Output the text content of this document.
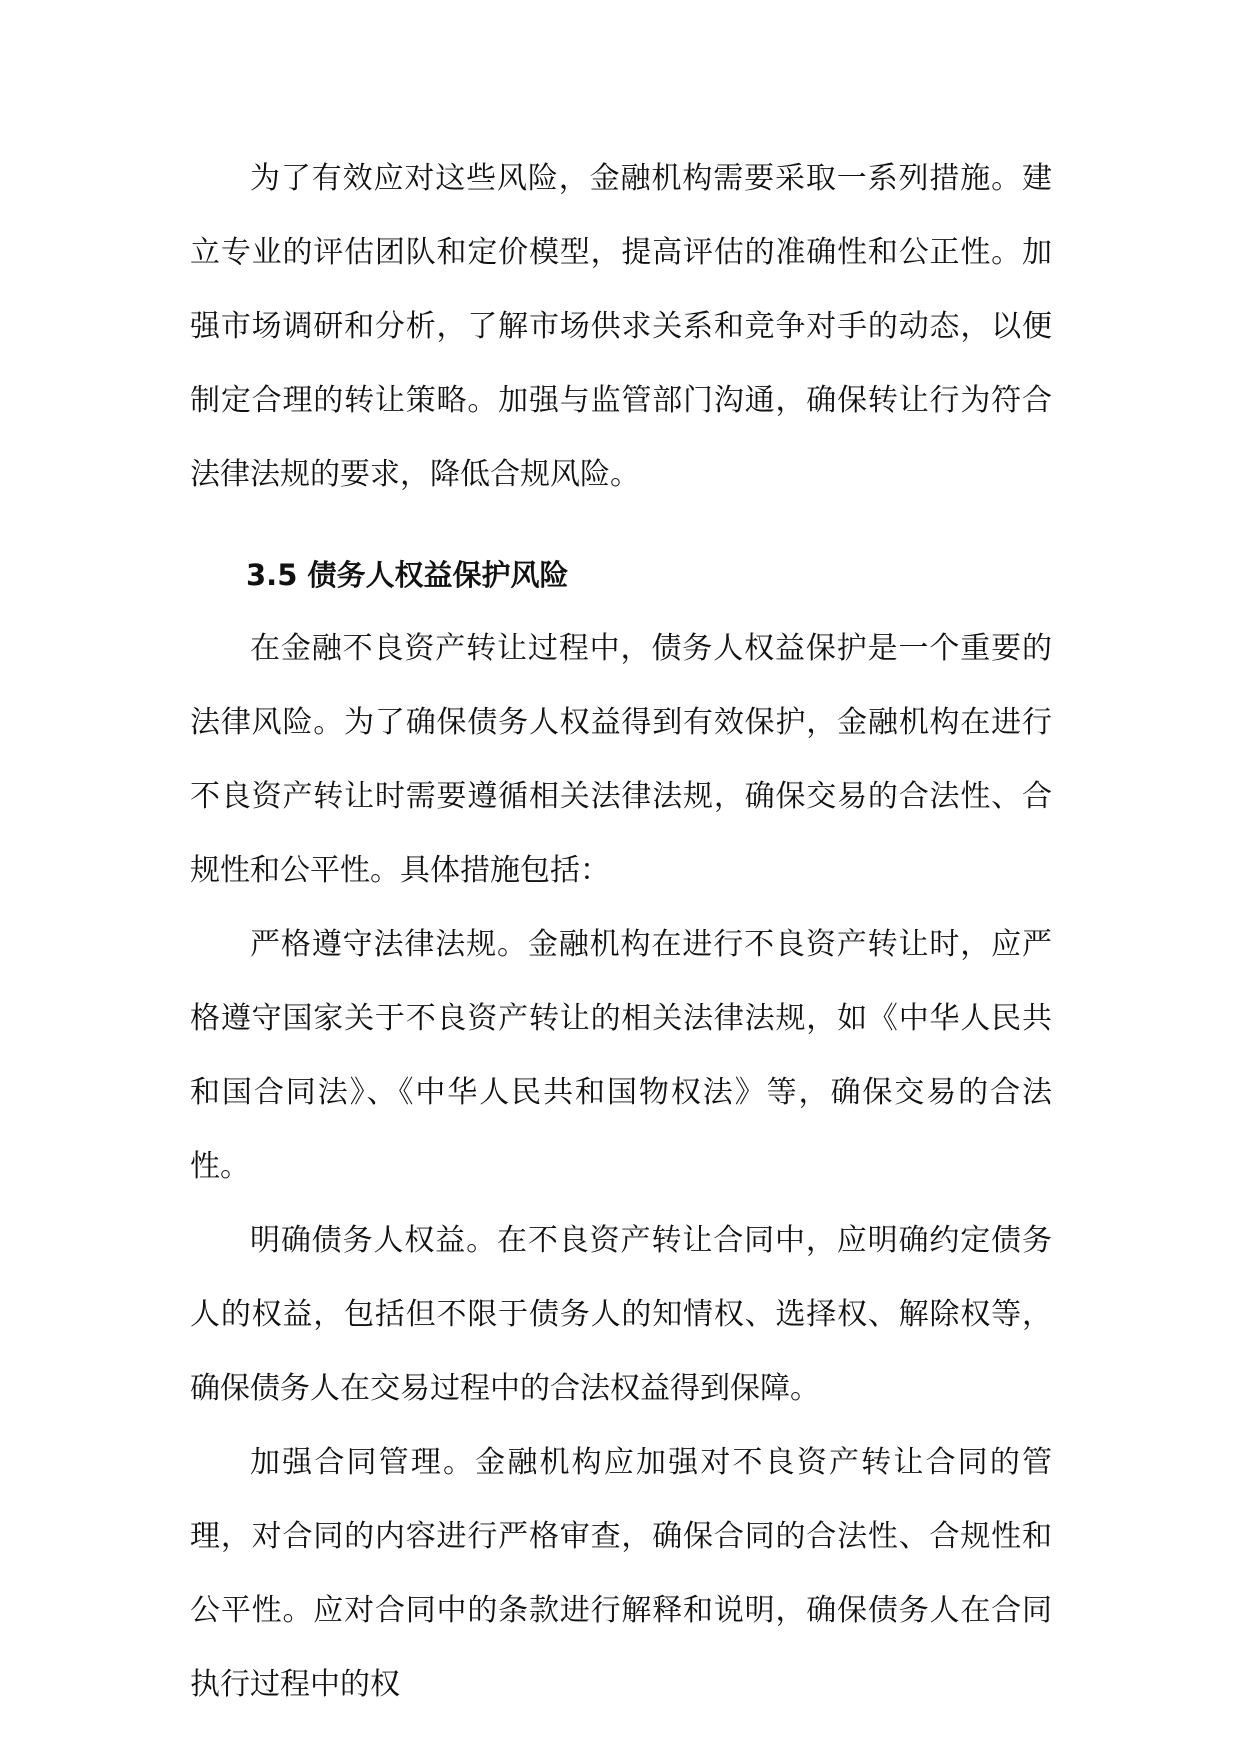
为了有效应对这些风险，金融机构需要采取一系列措施。建立专业的评估团队和定价模型，提高评估的准确性和公正性。加强市场调研和分析，了解市场供求关系和竞争对手的动态，以便制定合理的转让策略。加强与监管部门沟通，确保转让行为符合法律法规的要求，降低合规风险。

3.5 债务人权益保护风险

在金融不良资产转让过程中，债务人权益保护是一个重要的法律风险。为了确保债务人权益得到有效保护，金融机构在进行不良资产转让时需要遵循相关法律法规，确保交易的合法性、合规性和公平性。具体措施包括：

严格遵守法律法规。金融机构在进行不良资产转让时，应严格遵守国家关于不良资产转让的相关法律法规，如《中华人民共和国合同法》、《中华人民共和国物权法》等，确保交易的合法性。

明确债务人权益。在不良资产转让合同中，应明确约定债务人的权益，包括但不限于债务人的知情权、选择权、解除权等，确保债务人在交易过程中的合法权益得到保障。

加强合同管理。金融机构应加强对不良资产转让合同的管理，对合同的内容进行严格审查，确保合同的合法性、合规性和公平性。应对合同中的条款进行解释和说明，确保债务人在合同执行过程中的权
